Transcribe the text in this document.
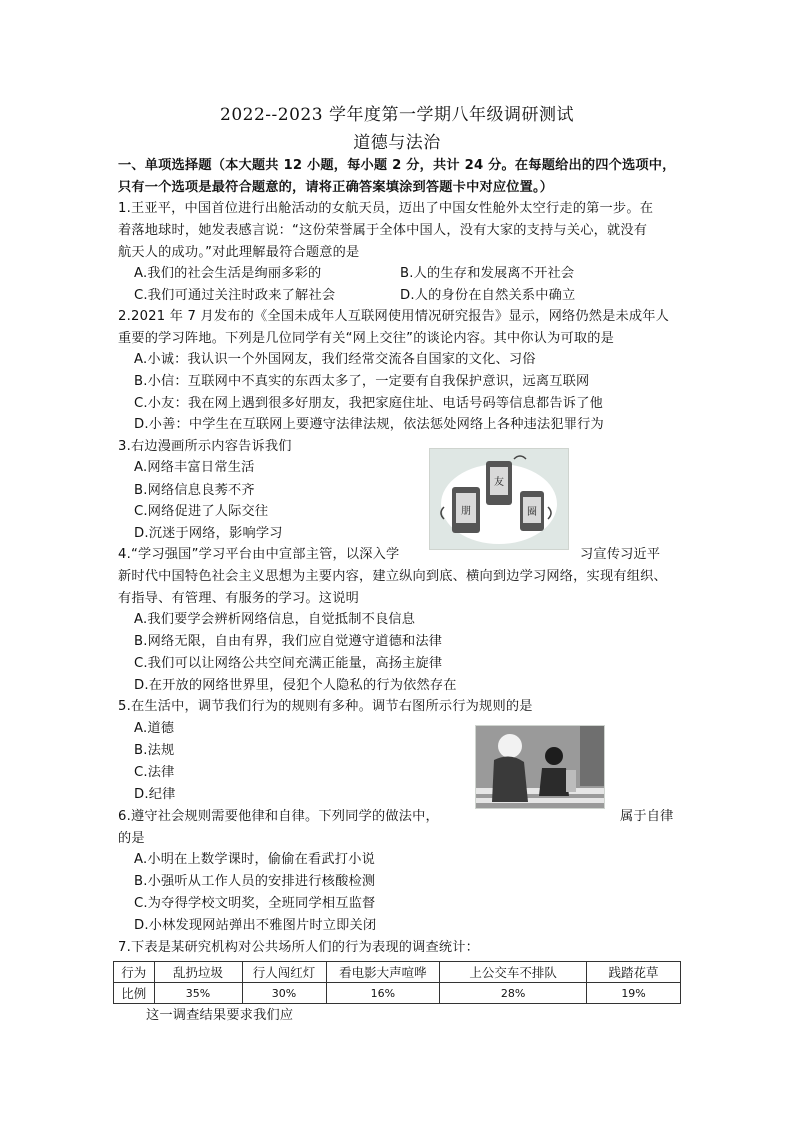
2022--2023 学年度第一学期八年级调研测试
道德与法治
一、单项选择题（本大题共 12 小题，每小题 2 分，共计 24 分。在每题给出的四个选项中，
只有一个选项是最符合题意的，请将正确答案填涂到答题卡中对应位置。）
1.王亚平，中国首位进行出舱活动的女航天员，迈出了中国女性舱外太空行走的第一步。在
着落地球时，她发表感言说：“这份荣誉属于全体中国人，没有大家的支持与关心，就没有
航天人的成功。”对此理解最符合题意的是
A.我们的社会生活是绚丽多彩的	B.人的生存和发展离不开社会
C.我们可通过关注时政来了解社会	D.人的身份在自然关系中确立
2.2021 年 7 月发布的《全国未成年人互联网使用情况研究报告》显示，网络仍然是未成年人
重要的学习阵地。下列是几位同学有关“网上交往”的谈论内容。其中你认为可取的是
A.小诚：我认识一个外国网友，我们经常交流各自国家的文化、习俗
B.小信：互联网中不真实的东西太多了，一定要有自我保护意识，远离互联网
C.小友：我在网上遇到很多好朋友，我把家庭住址、电话号码等信息都告诉了他
D.小善：中学生在互联网上要遵守法律法规，依法惩处网络上各种违法犯罪行为
3.右边漫画所示内容告诉我们
A.网络丰富日常生活
B.网络信息良莠不齐
C.网络促进了人际交往
D.沉迷于网络，影响学习
朋
友
圈
4.“学习强国”学习平台由中宣部主管，以深入学	习宣传习近平
新时代中国特色社会主义思想为主要内容，建立纵向到底、横向到边学习网络，实现有组织、
有指导、有管理、有服务的学习。这说明
A.我们要学会辨析网络信息，自觉抵制不良信息
B.网络无限，自由有界，我们应自觉遵守道德和法律
C.我们可以让网络公共空间充满正能量，高扬主旋律
D.在开放的网络世界里，侵犯个人隐私的行为依然存在
5.在生活中，调节我们行为的规则有多种。调节右图所示行为规则的是
A.道德
B.法规
C.法律
D.纪律
6.遵守社会规则需要他律和自律。下列同学的做法中，	属于自律
的是
A.小明在上数学课时，偷偷在看武打小说
B.小强听从工作人员的安排进行核酸检测
C.为夺得学校文明奖，全班同学相互监督
D.小林发现网站弹出不雅图片时立即关闭
7.下表是某研究机构对公共场所人们的行为表现的调查统计：
行为	乱扔垃圾	行人闯红灯	看电影大声喧哗	上公交车不排队	践踏花草
比例	35%	30%	16%	28%	19%
这一调查结果要求我们应
